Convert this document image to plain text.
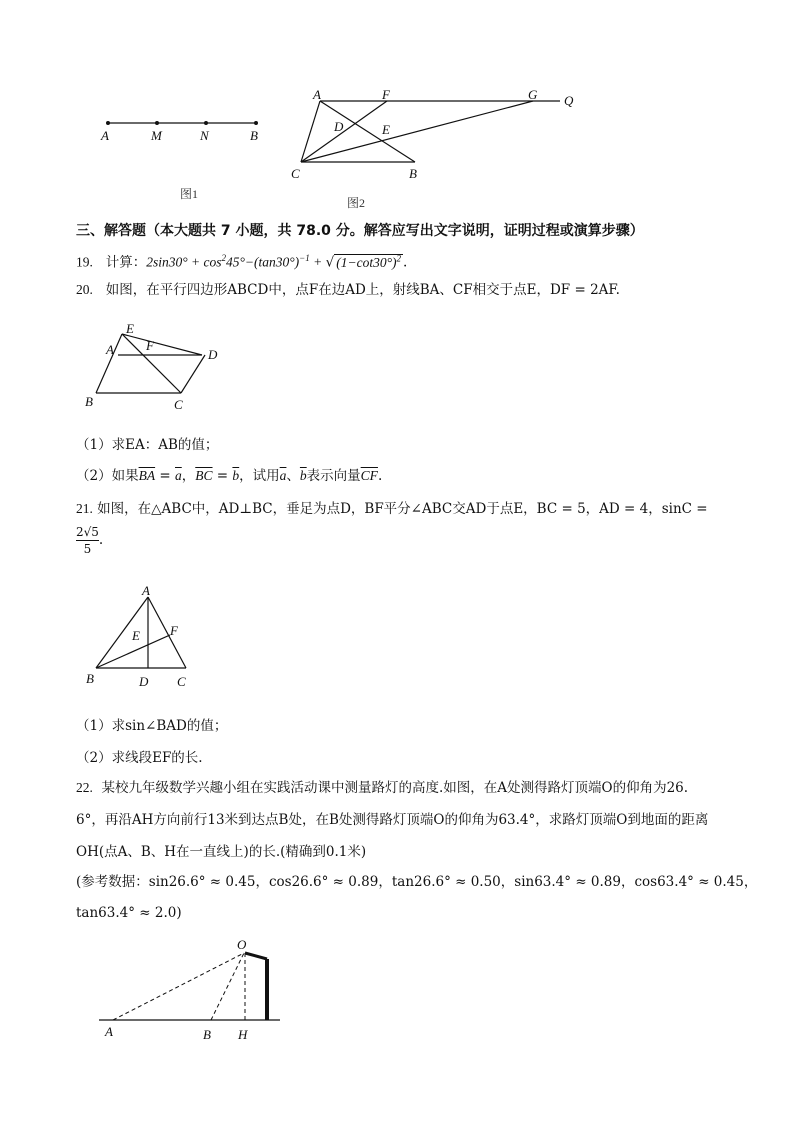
A	M	N	B
图1
A	F	G Q
D	E
C	B
图2
三、解答题（本大题共 7 小题，共 78.0 分。解答应写出文字说明，证明过程或演算步骤）
19. 计算：$2\sin 30^\circ + \cos^245^\circ-(\tan 30^\circ)^{-1}$ + √ $(1-\cot 30^\circ)^2$ .
20. 如图，在平行四边形ABCD中，点F在边AD上，射线BA、CF相交于点E，DF = 2AF.
E
A F
D
B	C
（1）求EA：AB的值；
（2）如果$\overline{BA} = \overline{a}$，$\overline{BC} = \overline{b}$，试用$\overline{a}$、$\overline{b}$表示向量$\overline{CF}$.
21. 如图，在△ABC中，AD⊥BC，垂足为点D，BF平分∠ABC交AD于点E，BC = 5，AD = 4，sinC =
$\frac{2√5}{5}$ .
A
F
E
B	D C
（1）求sin∠BAD的值；
（2）求线段EF的长.
22. 某校九年级数学兴趣小组在实践活动课中测量路灯的高度.如图，在A处测得路灯顶端O的仰角为26.
6°，再沿AH方向前行13米到达点B处，在B处测得路灯顶端O的仰角为63.4°，求路灯顶端O到地面的距离
OH(点A、B、H在一直线上)的长.(精确到0.1米)
(参考数据：sin26.6° ≈ 0.45，cos26.6° ≈ 0.89，tan26.6° ≈ 0.50，sin63.4° ≈ 0.89，cos63.4° ≈ 0.45，
tan63.4° ≈ 2.0)
O
A	B H
